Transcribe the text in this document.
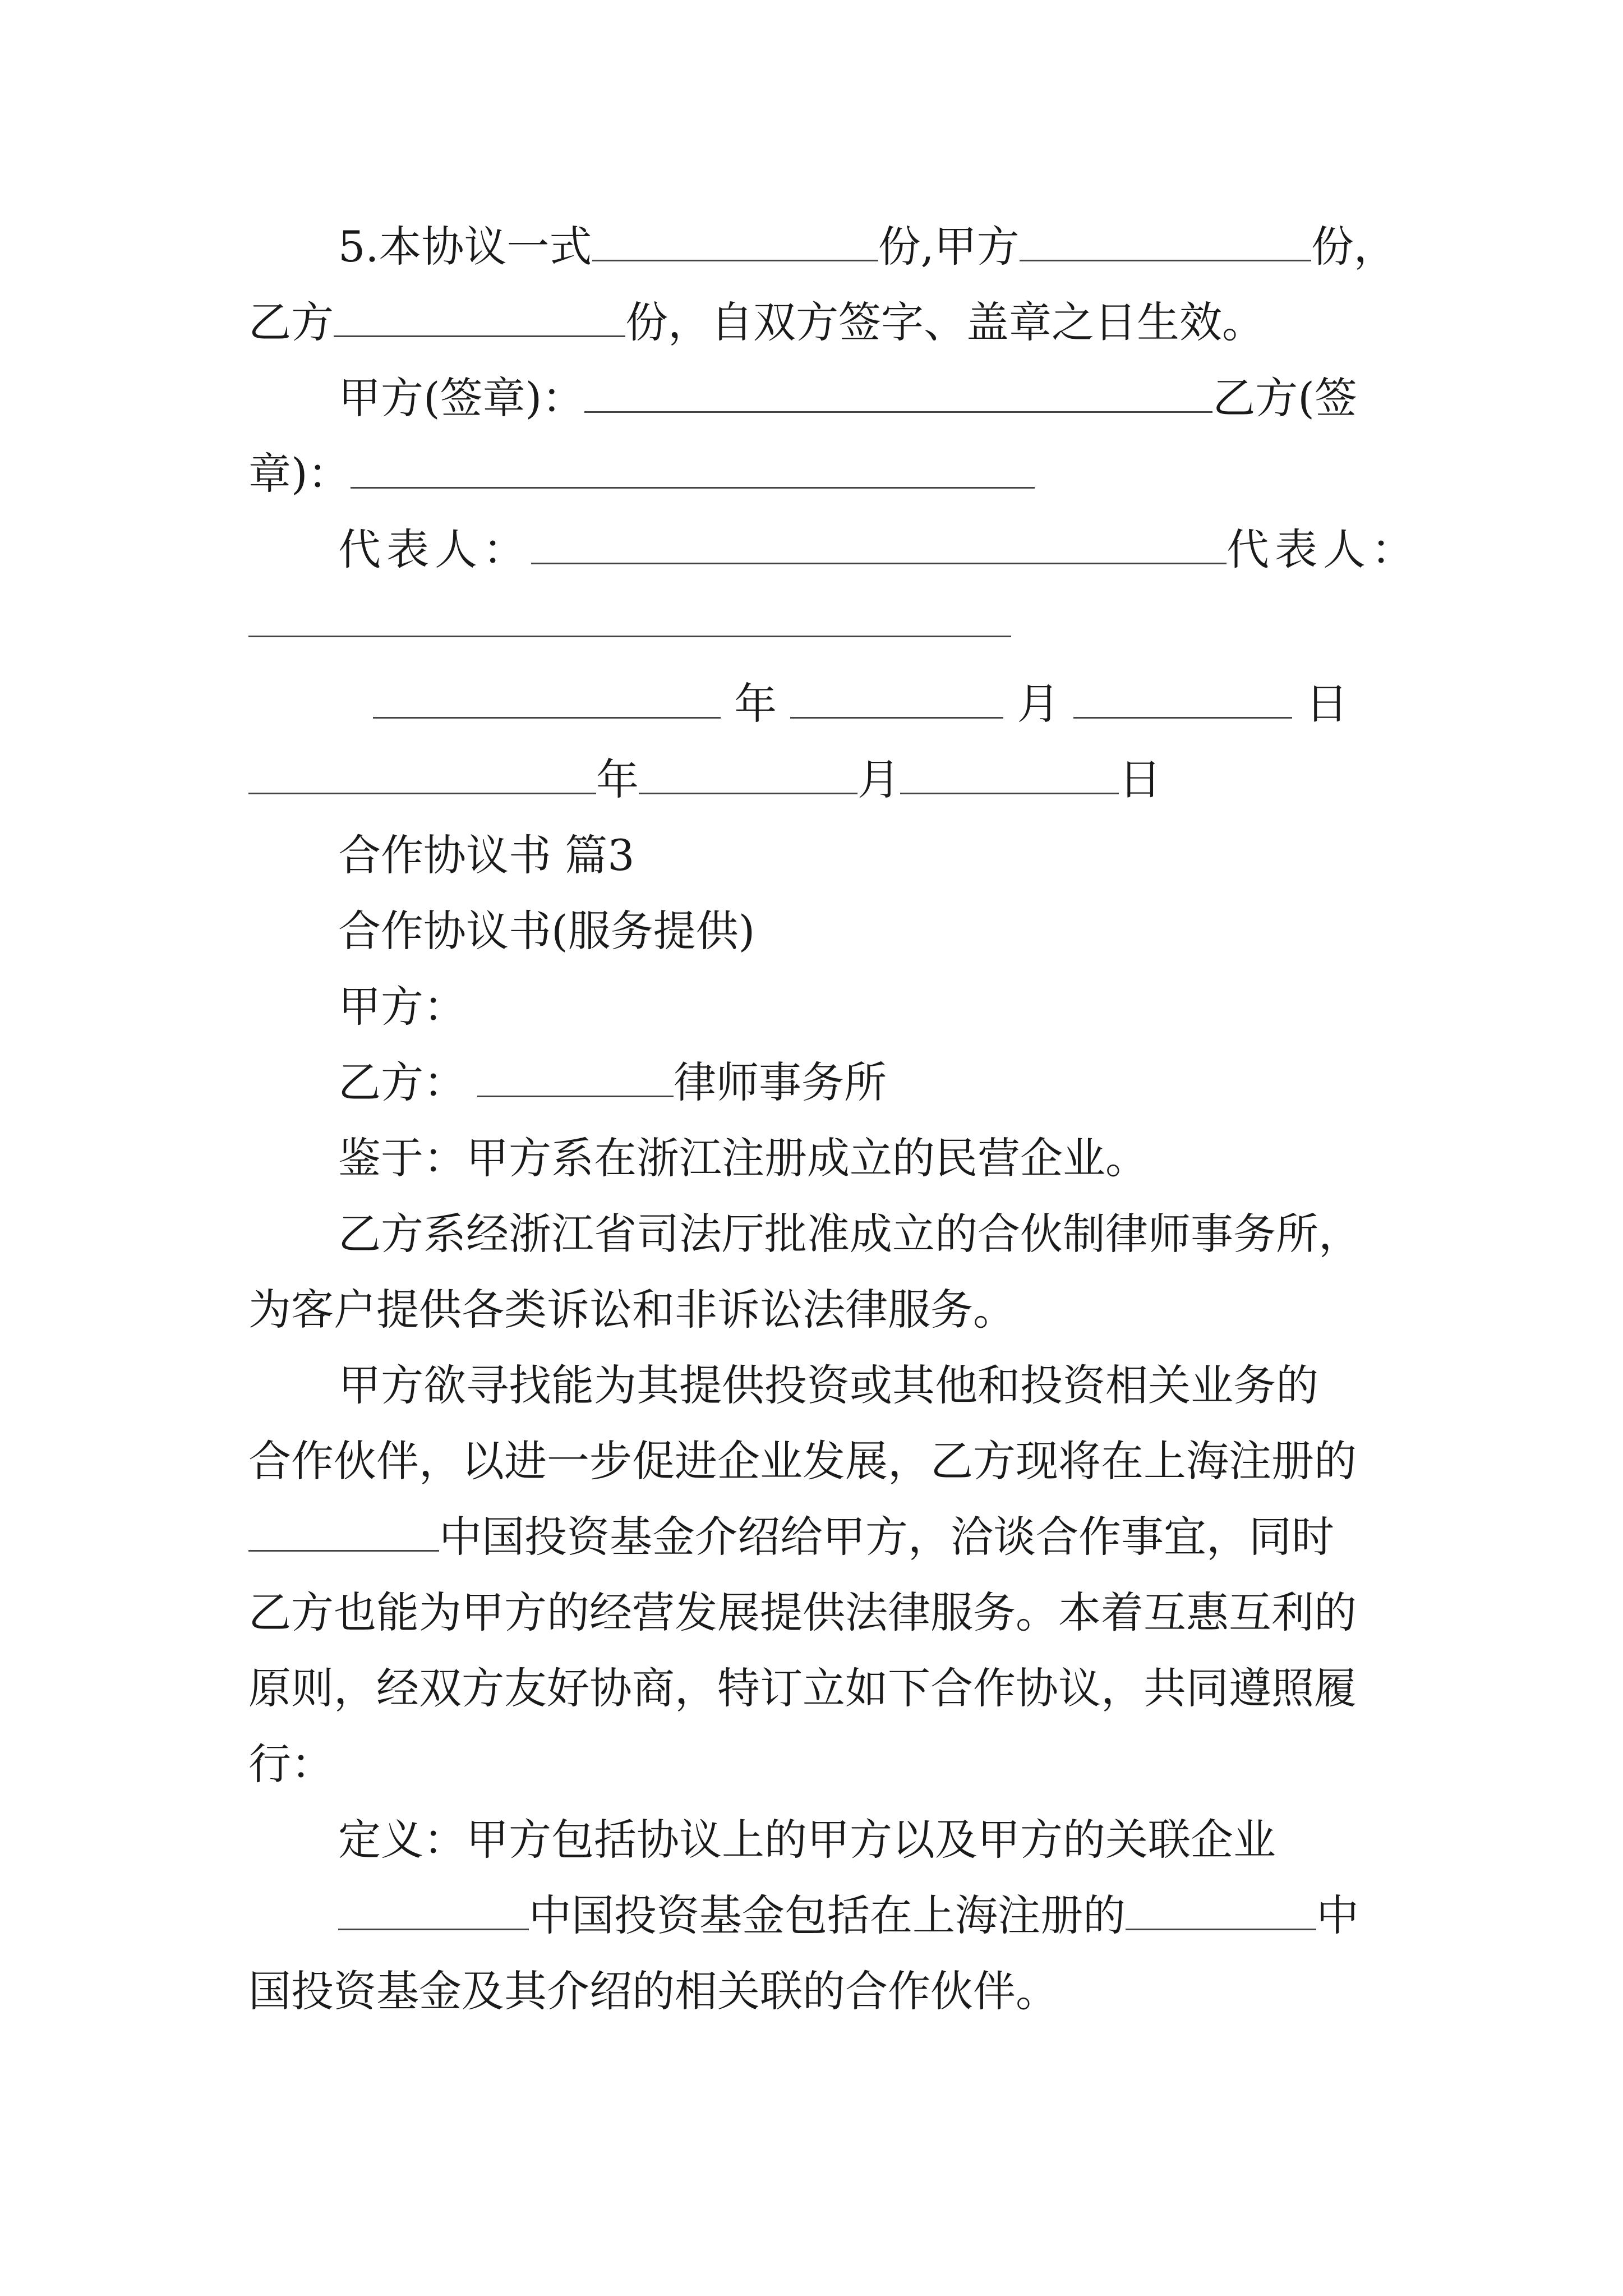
5.本协议一式	份,甲方	份，
乙方	份，自双方签字、盖章之日生效。
甲方(签章)：	乙方(签
章)：
代表人：	代表人：
年	月	日
年	月	日
合作协议书 篇3
合作协议书(服务提供)
甲方：
乙方：	律师事务所
鉴于：甲方系在浙江注册成立的民营企业。
乙方系经浙江省司法厅批准成立的合伙制律师事务所，
为客户提供各类诉讼和非诉讼法律服务。
甲方欲寻找能为其提供投资或其他和投资相关业务的
合作伙伴，以进一步促进企业发展，乙方现将在上海注册的
中国投资基金介绍给甲方，洽谈合作事宜，同时
乙方也能为甲方的经营发展提供法律服务。本着互惠互利的
原则，经双方友好协商，特订立如下合作协议，共同遵照履
行：
定义：甲方包括协议上的甲方以及甲方的关联企业
中国投资基金包括在上海注册的	中
国投资基金及其介绍的相关联的合作伙伴。
